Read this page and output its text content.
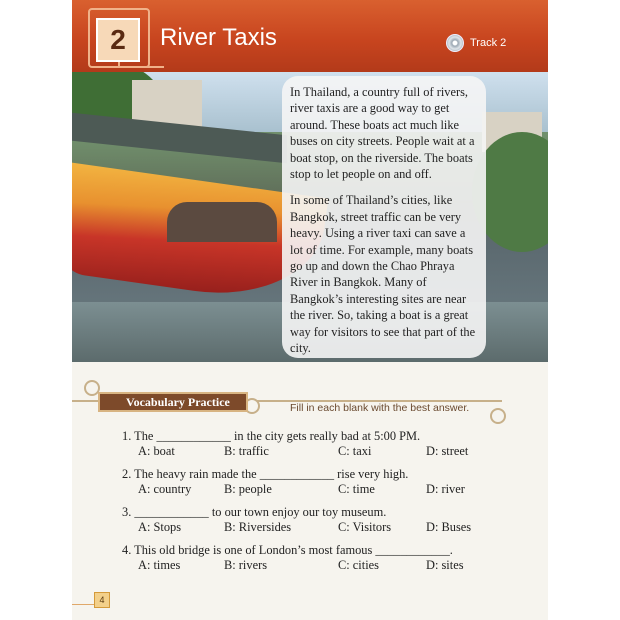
2 River Taxis	Track 2

In Thailand, a country full of rivers, river taxis are a good way to get around. These boats act much like buses on city streets. People wait at a boat stop, on the riverside. The boats stop to let people on and off.

In some of Thailand’s cities, like Bangkok, street traffic can be very heavy. Using a river taxi can save a lot of time. For example, many boats go up and down the Chao Phraya River in Bangkok. Many of Bangkok’s interesting sites are near the river. So, taking a boat is a great way for visitors to see that part of the city.

Vocabulary Practice	Fill in each blank with the best answer.
1. The ____________ in the city gets really bad at 5:00 PM.
A: boat	B: traffic	C: taxi	D: street
2. The heavy rain made the ____________ rise very high.
A: country	B: people	C: time	D: river
3. ____________ to our town enjoy our toy museum.
A: Stops	B: Riversides	C: Visitors	D: Buses
4. This old bridge is one of London’s most famous ____________.
A: times	B: rivers	C: cities	D: sites
4
